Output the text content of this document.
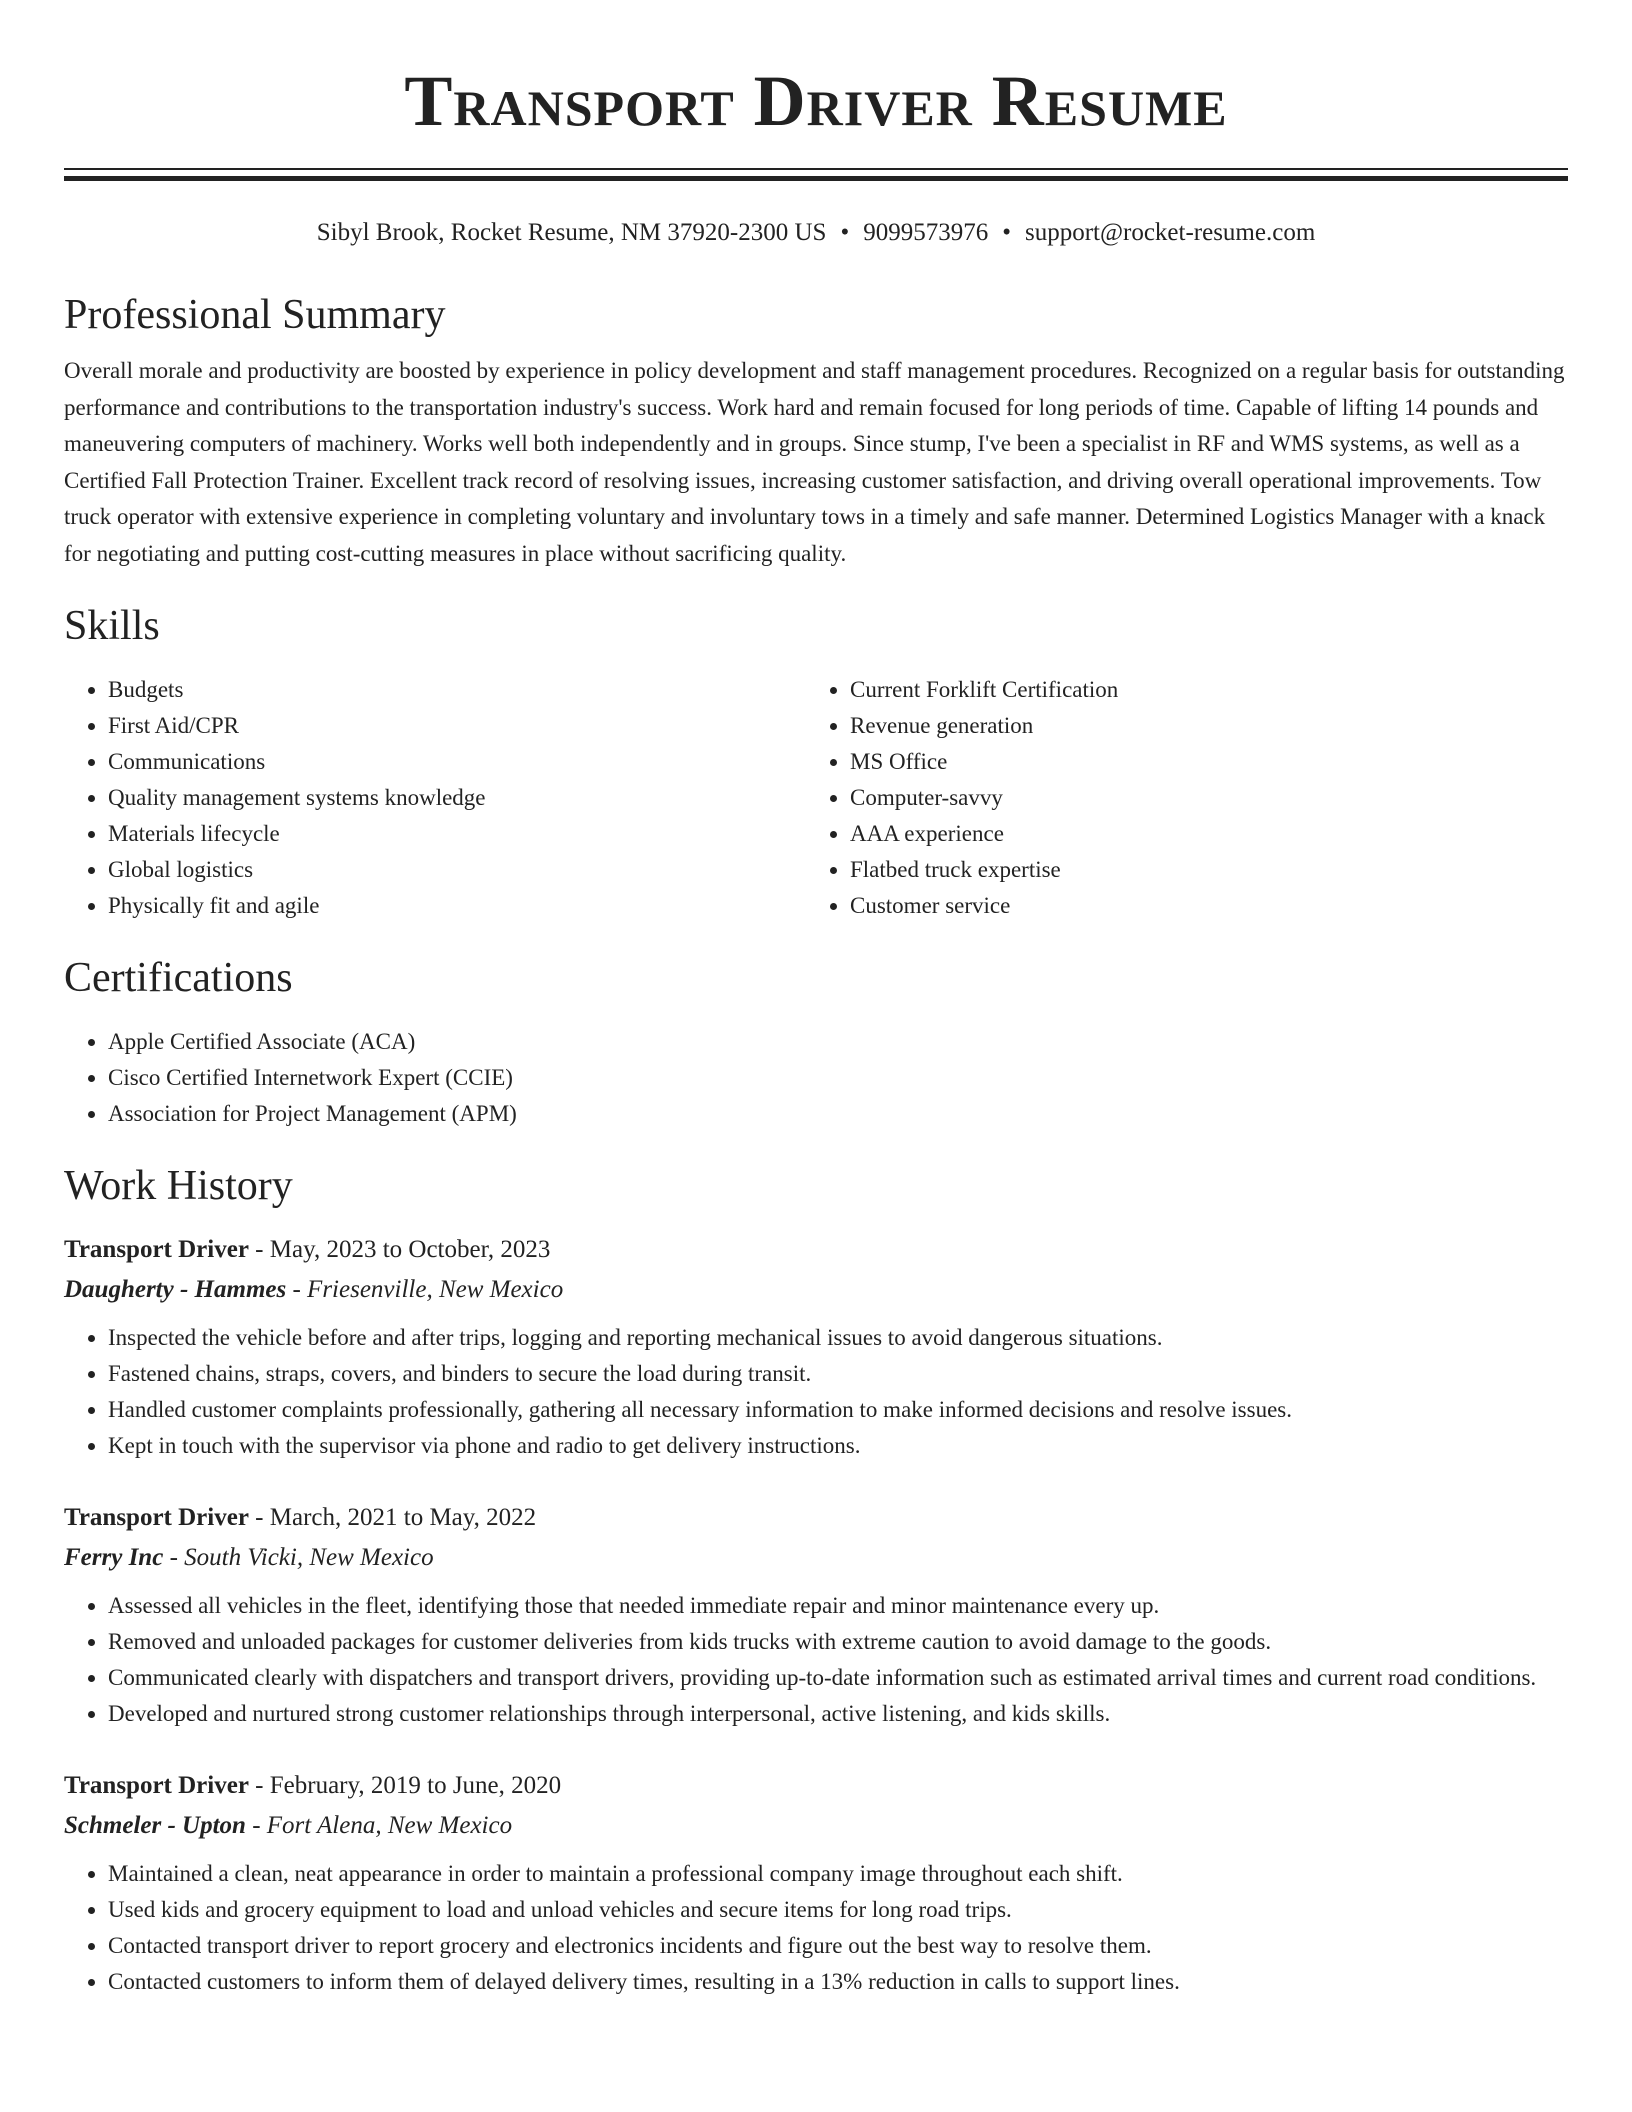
Transport Driver Resume
Sibyl Brook, Rocket Resume, NM 37920-2300 US • 9099573976 • support@rocket-resume.com
Professional Summary

Overall morale and productivity are boosted by experience in policy development and staff management procedures. Recognized on a regular basis for outstanding performance and contributions to the transportation industry's success. Work hard and remain focused for long periods of time. Capable of lifting 14 pounds and maneuvering computers of machinery. Works well both independently and in groups. Since stump, I've been a specialist in RF and WMS systems, as well as a Certified Fall Protection Trainer. Excellent track record of resolving issues, increasing customer satisfaction, and driving overall operational improvements. Tow truck operator with extensive experience in completing voluntary and involuntary tows in a timely and safe manner. Determined Logistics Manager with a knack for negotiating and putting cost-cutting measures in place without sacrificing quality.

Skills
• Budgets
• First Aid/CPR
• Communications
• Quality management systems knowledge
• Materials lifecycle
• Global logistics
• Physically fit and agile
• Current Forklift Certification
• Revenue generation
• MS Office
• Computer-savvy
• AAA experience
• Flatbed truck expertise
• Customer service
Certifications
• Apple Certified Associate (ACA)
• Cisco Certified Internetwork Expert (CCIE)
• Association for Project Management (APM)
Work History
Transport Driver - May, 2023 to October, 2023
Daugherty - Hammes - Friesenville, New Mexico
• Inspected the vehicle before and after trips, logging and reporting mechanical issues to avoid dangerous situations.
• Fastened chains, straps, covers, and binders to secure the load during transit.
• Handled customer complaints professionally, gathering all necessary information to make informed decisions and resolve issues.
• Kept in touch with the supervisor via phone and radio to get delivery instructions.
Transport Driver - March, 2021 to May, 2022
Ferry Inc - South Vicki, New Mexico
• Assessed all vehicles in the fleet, identifying those that needed immediate repair and minor maintenance every up.
• Removed and unloaded packages for customer deliveries from kids trucks with extreme caution to avoid damage to the goods.
• Communicated clearly with dispatchers and transport drivers, providing up-to-date information such as estimated arrival times and current road conditions.
• Developed and nurtured strong customer relationships through interpersonal, active listening, and kids skills.
Transport Driver - February, 2019 to June, 2020
Schmeler - Upton - Fort Alena, New Mexico
• Maintained a clean, neat appearance in order to maintain a professional company image throughout each shift.
• Used kids and grocery equipment to load and unload vehicles and secure items for long road trips.
• Contacted transport driver to report grocery and electronics incidents and figure out the best way to resolve them.
• Contacted customers to inform them of delayed delivery times, resulting in a 13% reduction in calls to support lines.
